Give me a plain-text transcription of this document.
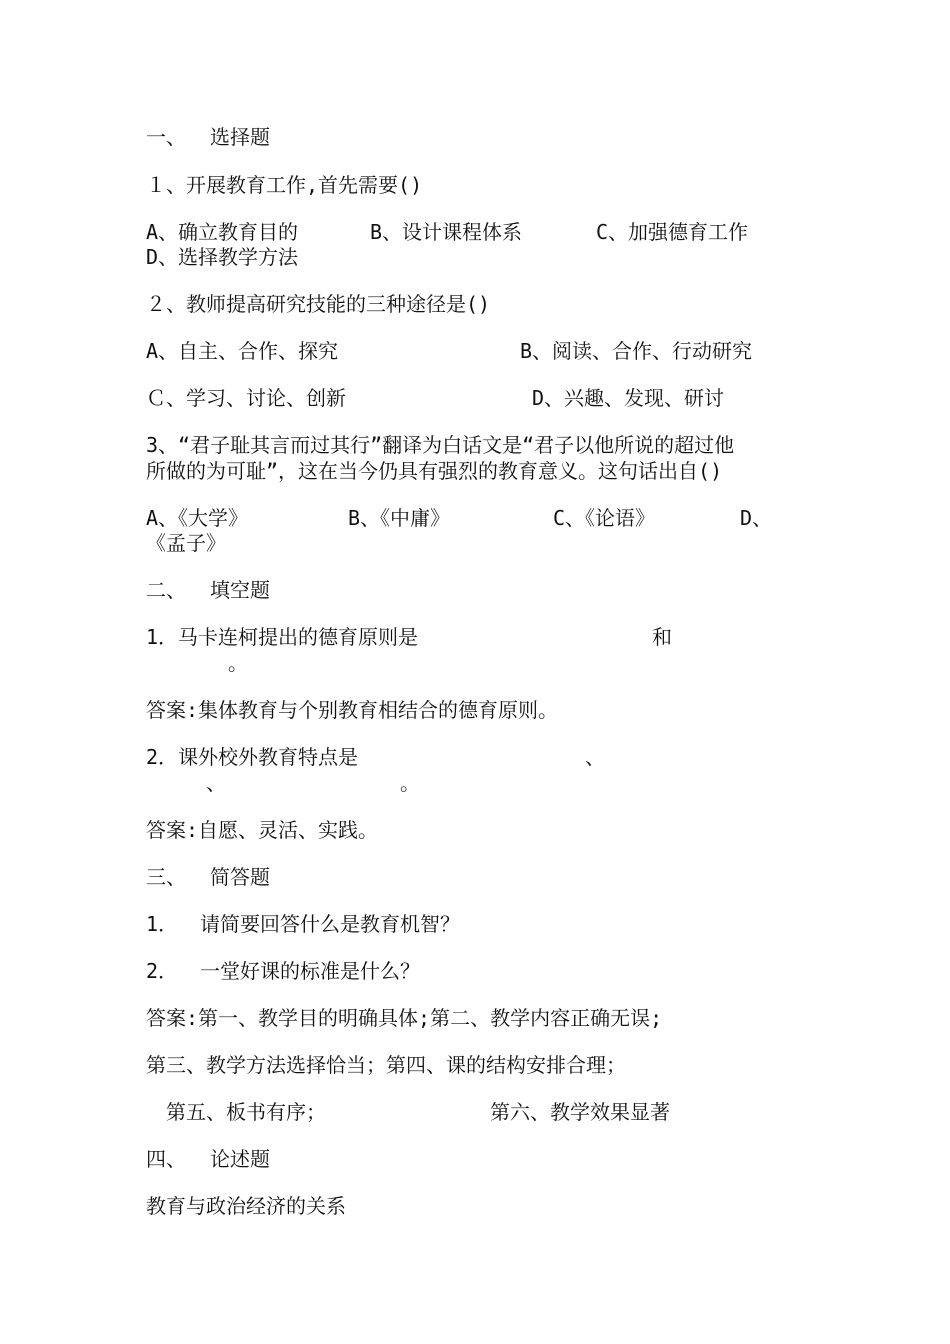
一、 选择题
１、开展教育工作,首先需要()
A、确立教育目的	B、设计课程体系	C、加强德育工作
D、选择教学方法
２、教师提高研究技能的三种途径是()
A、自主、合作、探究	B、阅读、合作、行动研究
Ｃ、学习、讨论、创新	D、兴趣、发现、研讨
3、“君子耻其言而过其行”翻译为白话文是“君子以他所说的超过他
所做的为可耻”，这在当今仍具有强烈的教育意义。这句话出自()
A、《大学》	B、《中庸》	C、《论语》	D、
《孟子》
二、 填空题
1．马卡连柯提出的德育原则是	和
。
答案:集体教育与个别教育相结合的德育原则。
2．课外校外教育特点是	、
、	。
答案:自愿、灵活、实践。
三、 简答题
1． 请简要回答什么是教育机智？
2． 一堂好课的标准是什么？
答案:第一、教学目的明确具体;第二、教学内容正确无误;
第三、教学方法选择恰当；第四、课的结构安排合理；
第五、板书有序；	第六、教学效果显著
四、 论述题
教育与政治经济的关系
